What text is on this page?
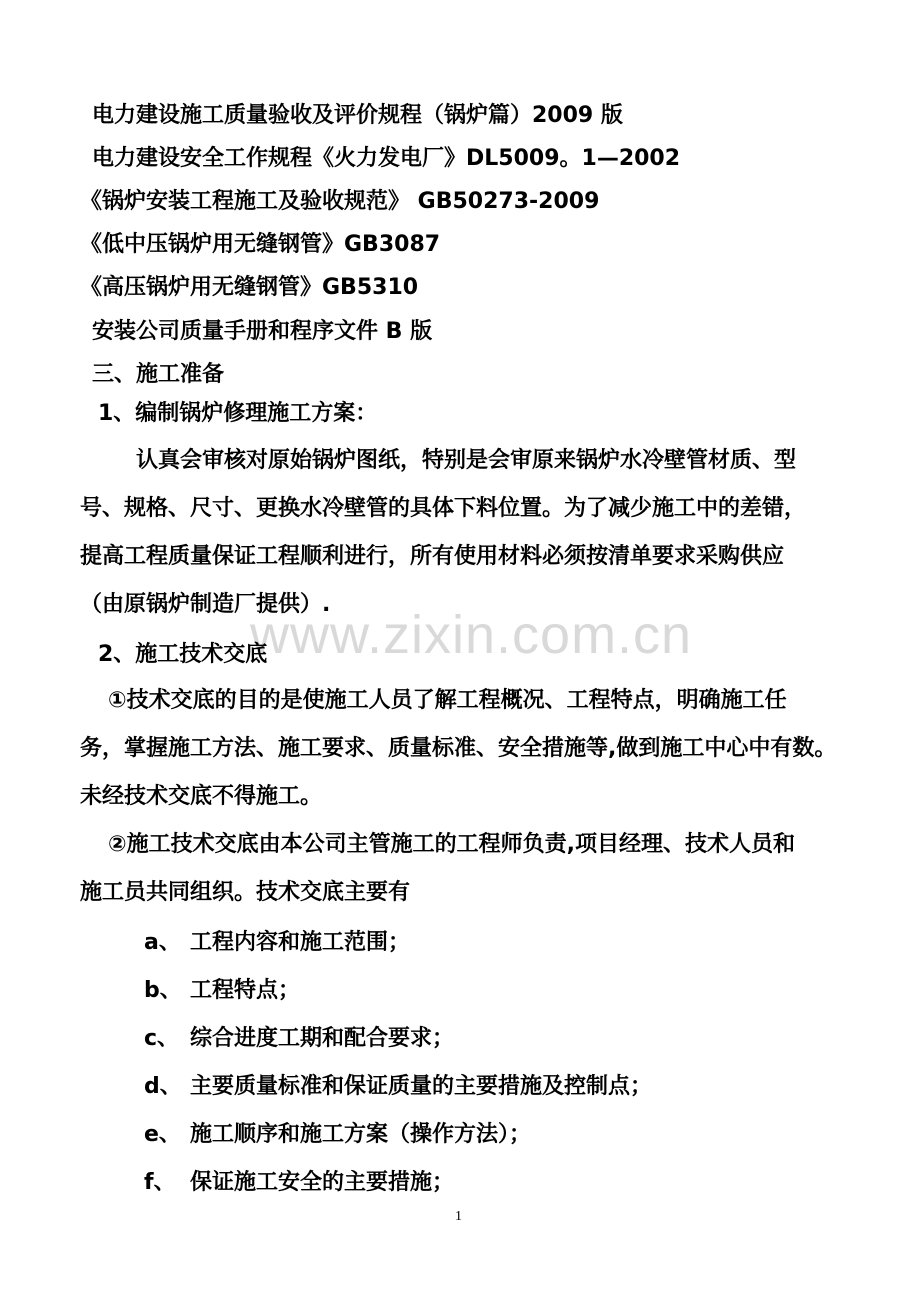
www.zixin.com.cn
电力建设施工质量验收及评价规程（锅炉篇）2009 版
电力建设安全工作规程《火力发电厂》DL5009。1—2002
《锅炉安装工程施工及验收规范》 GB50273-2009
《低中压锅炉用无缝钢管》GB3087
《高压锅炉用无缝钢管》GB5310
安装公司质量手册和程序文件 B 版
三、施工准备
1、编制锅炉修理施工方案：
认真会审核对原始锅炉图纸，特别是会审原来锅炉水冷壁管材质、型
号、规格、尺寸、更换水冷壁管的具体下料位置。为了减少施工中的差错，
提高工程质量保证工程顺利进行，所有使用材料必须按清单要求采购供应
（由原锅炉制造厂提供）.
2、施工技术交底
①技术交底的目的是使施工人员了解工程概况、工程特点，明确施工任
务，掌握施工方法、施工要求、质量标准、安全措施等,做到施工中心中有数。
未经技术交底不得施工。
②施工技术交底由本公司主管施工的工程师负责,项目经理、技术人员和
施工员共同组织。技术交底主要有
a、 工程内容和施工范围；
b、 工程特点；
c、 综合进度工期和配合要求；
d、 主要质量标准和保证质量的主要措施及控制点；
e、 施工顺序和施工方案（操作方法）；
f、 保证施工安全的主要措施；
1
